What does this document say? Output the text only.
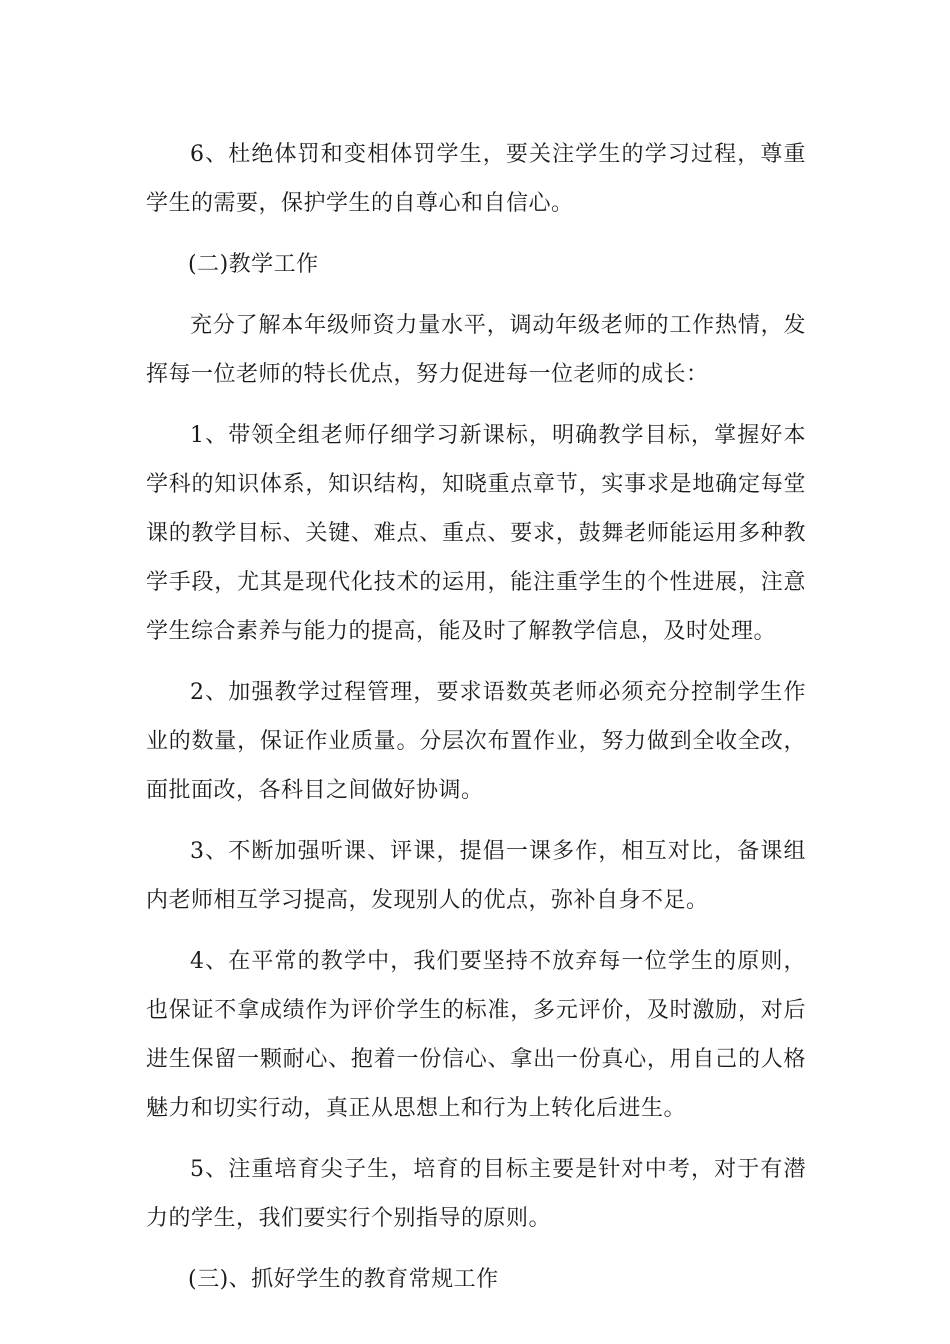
6、杜绝体罚和变相体罚学生，要关注学生的学习过程，尊重学生的需要，保护学生的自尊心和自信心。

(二)教学工作

充分了解本年级师资力量水平，调动年级老师的工作热情，发挥每一位老师的特长优点，努力促进每一位老师的成长：

1、带领全组老师仔细学习新课标，明确教学目标，掌握好本学科的知识体系，知识结构，知晓重点章节，实事求是地确定每堂课的教学目标、关键、难点、重点、要求，鼓舞老师能运用多种教学手段，尤其是现代化技术的运用，能注重学生的个性进展，注意学生综合素养与能力的提高，能及时了解教学信息，及时处理。

2、加强教学过程管理，要求语数英老师必须充分控制学生作业的数量，保证作业质量。分层次布置作业，努力做到全收全改，面批面改，各科目之间做好协调。

3、不断加强听课、评课，提倡一课多作，相互对比，备课组内老师相互学习提高，发现别人的优点，弥补自身不足。

4、在平常的教学中，我们要坚持不放弃每一位学生的原则，也保证不拿成绩作为评价学生的标准，多元评价，及时激励，对后进生保留一颗耐心、抱着一份信心、拿出一份真心，用自己的人格魅力和切实行动，真正从思想上和行为上转化后进生。

5、注重培育尖子生，培育的目标主要是针对中考，对于有潜力的学生，我们要实行个别指导的原则。

(三)、抓好学生的教育常规工作
